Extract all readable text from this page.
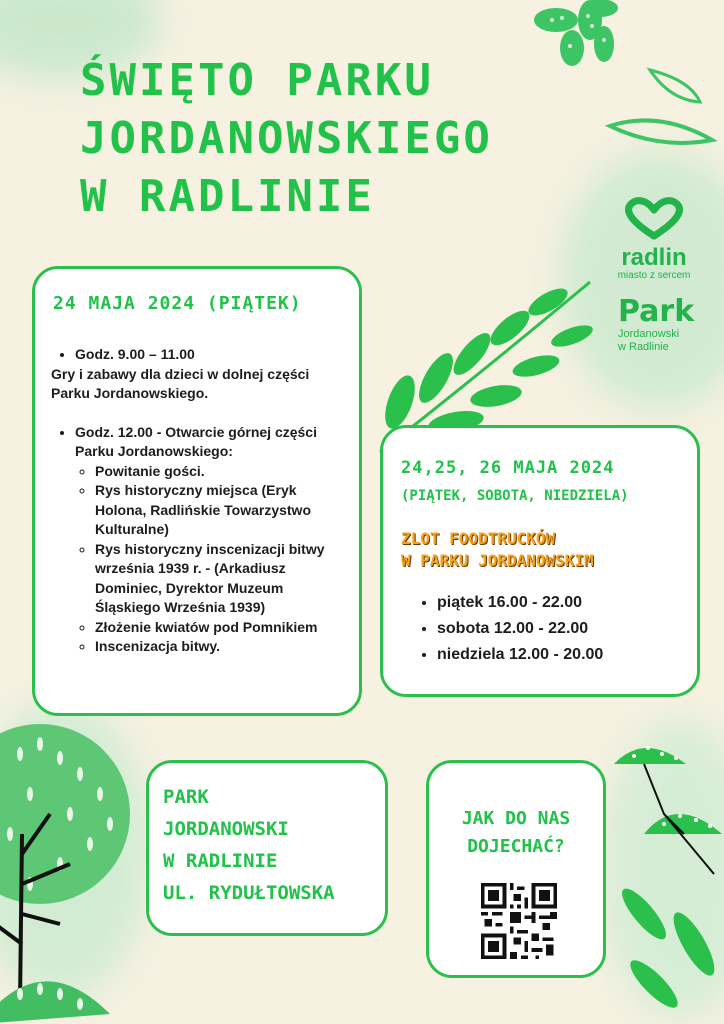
ŚWIĘTO PARKU
JORDANOWSKIEGO
W RADLINIE
radlin
miasto z sercem
Park
Jordanowski
w Radlinie
24 MAJA 2024 (PIĄTEK)
• Godz. 9.00 – 11.00

Gry i zabawy dla dzieci w dolnej części Parku Jordanowskiego.

• Godz. 12.00 - Otwarcie górnej części Parku Jordanowskiego:
◦ Powitanie gości.
◦ Rys historyczny miejsca (Eryk Holona, Radlińskie Towarzystwo Kulturalne)
◦ Rys historyczny inscenizacji bitwy września 1939 r. - (Arkadiusz Dominiec, Dyrektor Muzeum Śląskiego Września 1939)
◦ Złożenie kwiatów pod Pomnikiem
◦ Inscenizacja bitwy.
24,25, 26 MAJA 2024
(PIĄTEK, SOBOTA, NIEDZIELA)
ZLOT FOODTRUCKÓW
W PARKU JORDANOWSKIM
• piątek 16.00 - 22.00
• sobota 12.00 - 22.00
• niedziela 12.00 - 20.00
PARK
JORDANOWSKI
W RADLINIE
UL. RYDUŁTOWSKA
JAK DO NAS
DOJECHAĆ?
